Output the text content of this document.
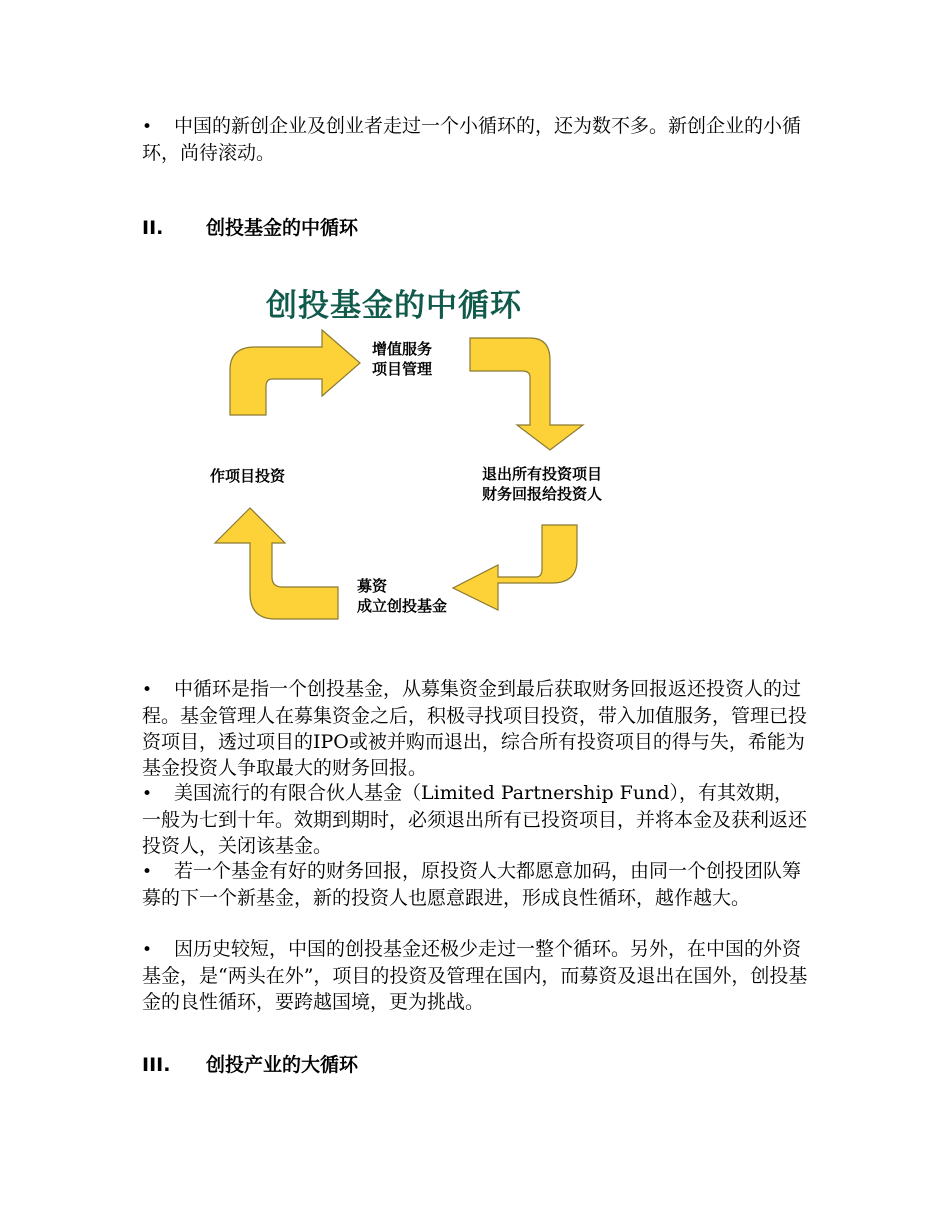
• 中国的新创企业及创业者走过一个小循环的，还为数不多。新创企业的小循环，尚待滚动。

II. 创投基金的中循环
创投基金的中循环
增值服务
项目管理
退出所有投资项目
财务回报给投资人
募资
成立创投基金
作项目投资

• 中循环是指一个创投基金，从募集资金到最后获取财务回报返还投资人的过程。基金管理人在募集资金之后，积极寻找项目投资，带入加值服务，管理已投资项目，透过项目的IPO或被并购而退出，综合所有投资项目的得与失，希能为基金投资人争取最大的财务回报。

• 美国流行的有限合伙人基金（Limited Partnership Fund），有其效期，一般为七到十年。效期到期时，必须退出所有已投资项目，并将本金及获利返还投资人，关闭该基金。

• 若一个基金有好的财务回报，原投资人大都愿意加码，由同一个创投团队筹募的下一个新基金，新的投资人也愿意跟进，形成良性循环，越作越大。

• 因历史较短，中国的创投基金还极少走过一整个循环。另外，在中国的外资基金，是“两头在外”，项目的投资及管理在国内，而募资及退出在国外，创投基金的良性循环，要跨越国境，更为挑战。

III. 创投产业的大循环
